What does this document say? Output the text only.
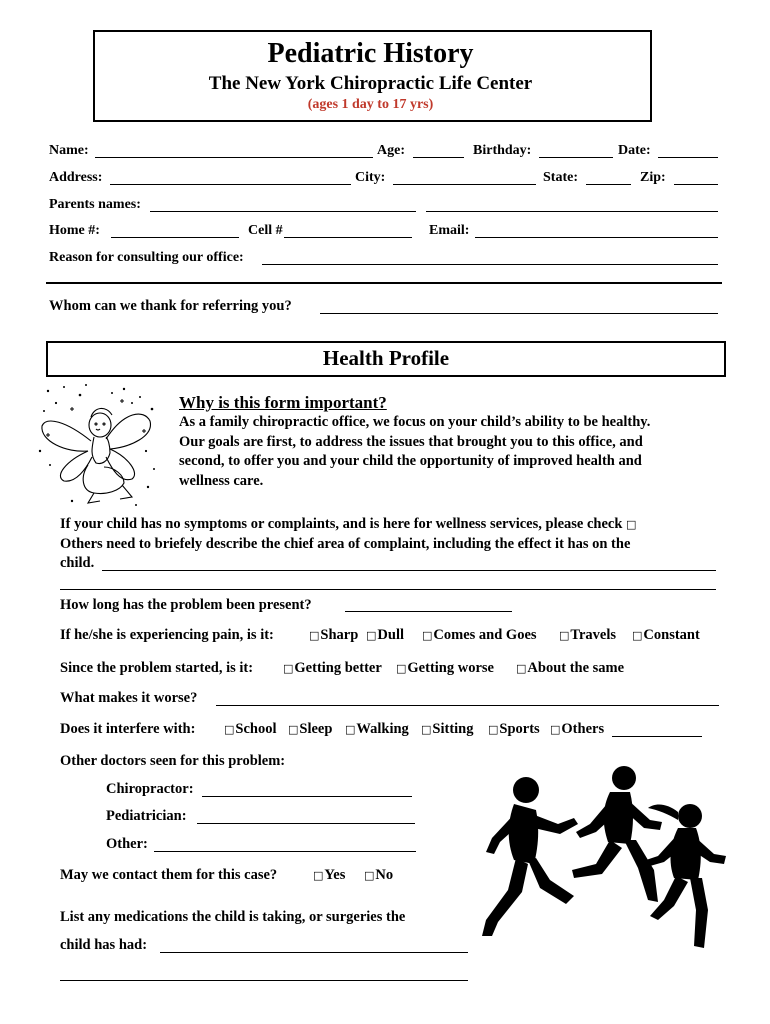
Pediatric History
The New York Chiropractic Life Center
(ages 1 day to 17 yrs)
Name:	Age:	Birthday:	Date:
Address:	City:	State:	Zip:
Parents names:
Home #:	Cell #	Email:
Reason for consulting our office:
Whom can we thank for referring you?
Health Profile
Why is this form important?
As a family chiropractic office, we focus on your child’s ability to be healthy.
Our goals are first, to address the issues that brought you to this office, and
second, to offer you and your child the opportunity of improved health and
wellness care.
If your child has no symptoms or complaints, and is here for wellness services, please check □
Others need to briefely describe the chief area of complaint, including the effect it has on the
child.
How long has the problem been present?
If he/she is experiencing pain, is it:	□Sharp □Dull □Comes and Goes □Travels □Constant
Since the problem started, is it:	□Getting better □Getting worse □About the same
What makes it worse?
Does it interfere with:	□School □Sleep □Walking □Sitting □Sports □Others
Other doctors seen for this problem:
Chiropractor:
Pediatrician:
Other:
May we contact them for this case?	□Yes □No
List any medications the child is taking, or surgeries the
child has had:
